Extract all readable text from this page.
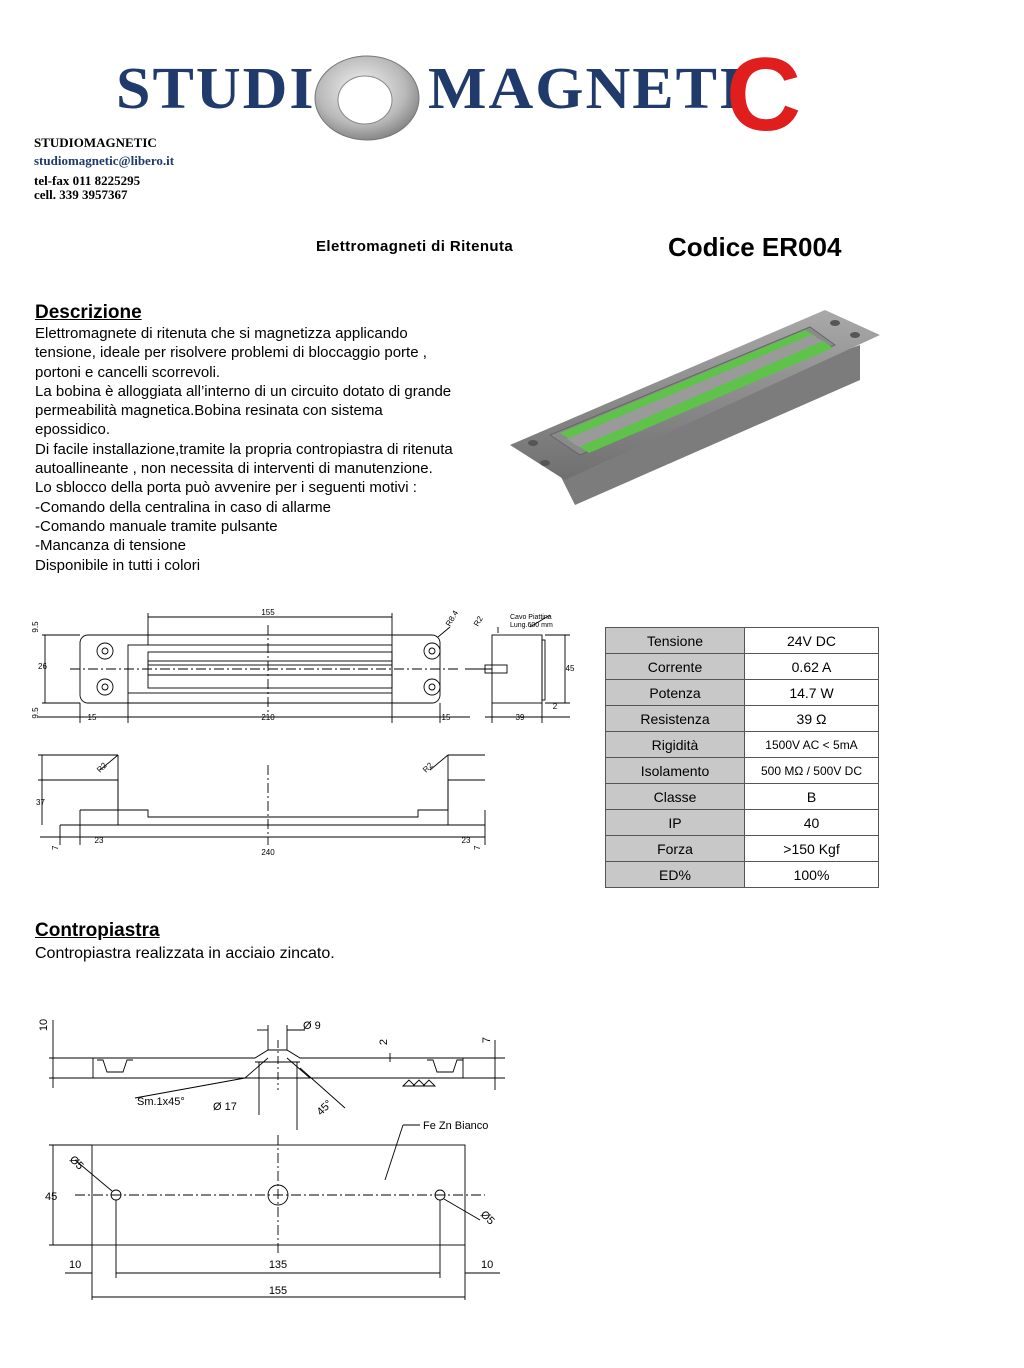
STUDI MAGNETI
C
STUDIOMAGNETIC
studiomagnetic@libero.it
tel-fax 011 8225295
cell. 339 3957367
Elettromagneti di Ritenuta	Codice ER004
Descrizione
Elettromagnete di ritenuta che si magnetizza applicando
tensione, ideale per risolvere problemi di bloccaggio porte ,
portoni e cancelli scorrevoli.
La bobina è alloggiata all’interno di un circuito dotato di grande
permeabilità magnetica.Bobina resinata con sistema
epossidico.
Di facile installazione,tramite la propria contropiastra di ritenuta
autoallineante , non necessita di interventi di manutenzione.
Lo sblocco della porta può avvenire per i seguenti motivi :
-Comando della centralina in caso di allarme
-Comando manuale tramite pulsante
-Mancanza di tensione
Disponibile in tutti i colori
155
9.5
26
9.5	15	210	15
R8.4 R2	Cavo Piattina
Lung.600 mm
45
39
2
R2	R2
37
7
23
240
23
7
Tensione	24V DC
Corrente	0.62 A
Potenza	14.7 W
Resistenza	39 Ω
Rigidità	1500V AC < 5mA
Isolamento	500 MΩ / 500V DC
Classe	B
IP	40
Forza	>150 Kgf
ED%	100%
Contropiastra
Contropiastra realizzata in acciaio zincato.
10	Ø 9
2	7
Sm.1x45°	Ø 17	45°
Fe Zn Bianco
Ø5
45
Ø5
10	135	10
155
